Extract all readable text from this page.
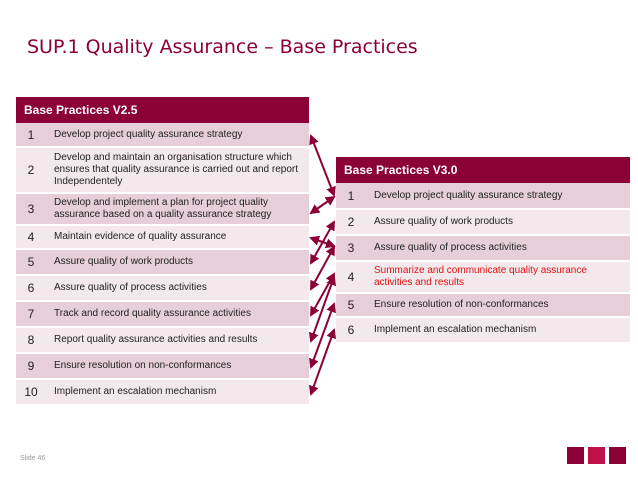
SUP.1 Quality Assurance – Base Practices
Base Practices V2.5	
1	Develop project quality assurance strategy
2	Develop and maintain an organisation structure which ensures that quality assurance is carried out and report Independentely
3	Develop and implement a plan for project quality assurance based on a quality assurance strategy
4	Maintain evidence of quality assurance
5	Assure quality of work products
6	Assure quality of process activities
7	Track and record quality assurance activities
8	Report quality assurance activities and results
9	Ensure resolution on non-conformances
10	Implement an escalation mechanism
Base Practices V3.0	
1	Develop project quality assurance strategy
2	Assure quality of work products
3	Assure quality of process activities
4	Summarize and communicate quality assurance activities and results
5	Ensure resolution of non-conformances
6	Implement an escalation mechanism
Slide 46
